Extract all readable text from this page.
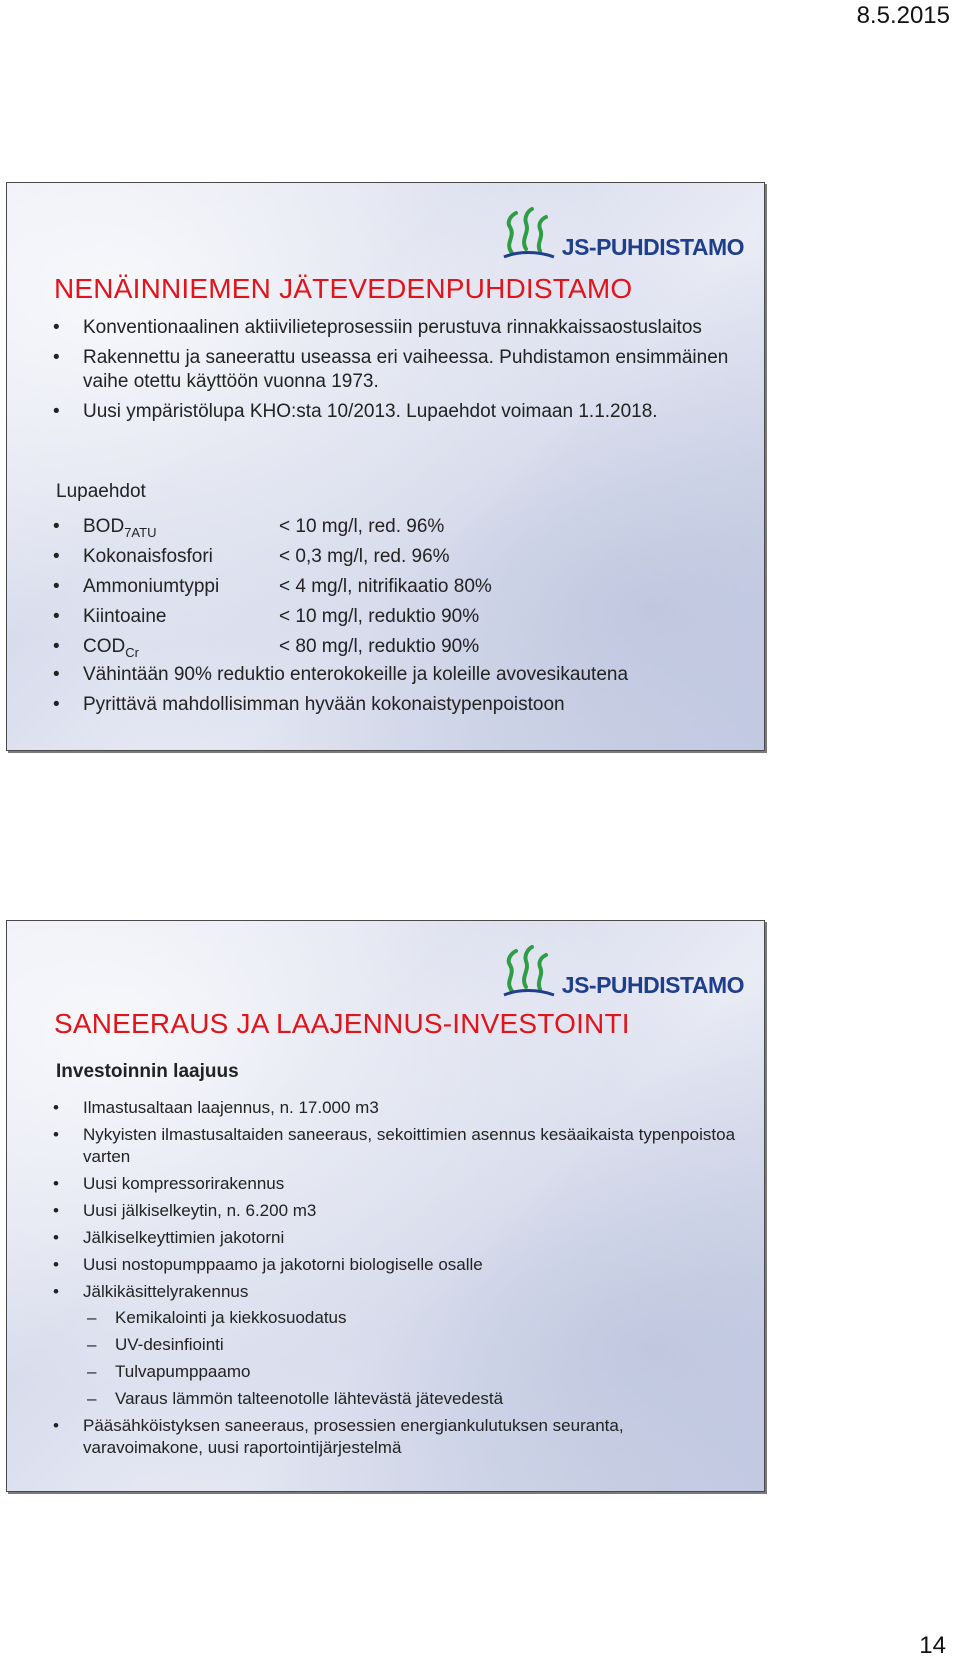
8.5.2015
JS-PUHDISTAMO
NENÄINNIEMEN JÄTEVEDENPUHDISTAMO
• Konventionaalinen aktiivilieteprosessiin perustuva rinnakkaissaostuslaitos
• Rakennettu ja saneerattu useassa eri vaiheessa. Puhdistamon ensimmäinen vaihe otettu käyttöön vuonna 1973.
• Uusi ympäristölupa KHO:sta 10/2013. Lupaehdot voimaan 1.1.2018.
Lupaehdot
• $BOD_{7ATU}$	< 10 mg/l, red. 96%
• Kokonaisfosfori	< 0,3 mg/l, red. 96%
• Ammoniumtyppi	< 4 mg/l, nitrifikaatio 80%
• Kiintoaine	< 10 mg/l, reduktio 90%
• $COD_{Cr}$	< 80 mg/l, reduktio 90%
• Vähintään 90% reduktio enterokokeille ja koleille avovesikautena
• Pyrittävä mahdollisimman hyvään kokonaistypenpoistoon
JS-PUHDISTAMO
SANEERAUS JA LAAJENNUS-INVESTOINTI
Investoinnin laajuus
• Ilmastusaltaan laajennus, n. 17.000 m3
• Nykyisten ilmastusaltaiden saneeraus, sekoittimien asennus kesäaikaista typenpoistoa varten
• Uusi kompressorirakennus
• Uusi jälkiselkeytin, n. 6.200 m3
• Jälkiselkeyttimien jakotorni
• Uusi nostopumppaamo ja jakotorni biologiselle osalle
• Jälkikäsittelyrakennus
– Kemikalointi ja kiekkosuodatus
– UV-desinfiointi
– Tulvapumppaamo
– Varaus lämmön talteenotolle lähtevästä jätevedestä
• Pääsähköistyksen saneeraus, prosessien energiankulutuksen seuranta, varavoimakone, uusi raportointijärjestelmä
14
